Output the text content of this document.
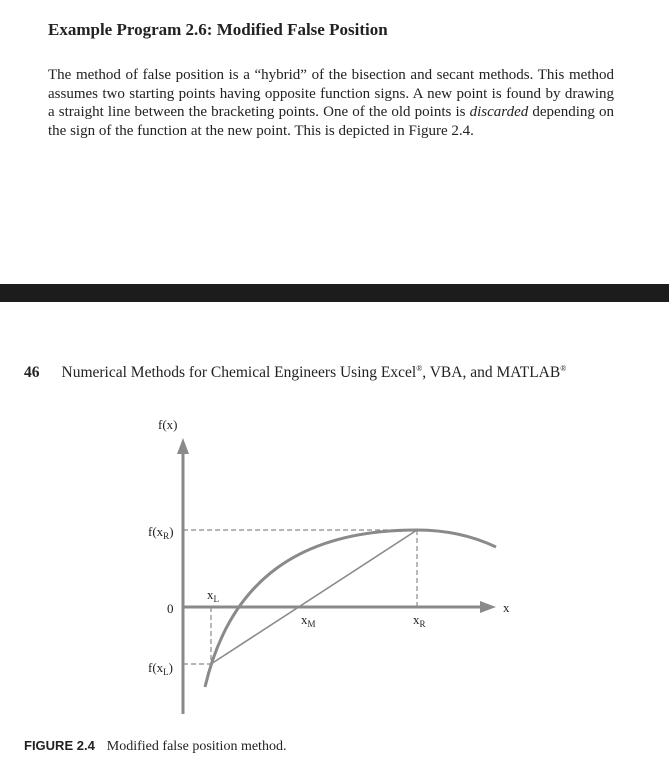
Example Program 2.6: Modified False Position

The method of false position is a “hybrid” of the bisection and secant methods. This method assumes two starting points having opposite function signs. A new point is found by drawing a straight line between the bracketing points. One of the old points is discarded depending on the sign of the function at the new point. This is depicted in Figure 2.4.

46 Numerical Methods for Chemical Engineers Using Excel®, VBA, and MATLAB®
f(x)
x
0
$f(x_R)$
$f(x_L)$
$x_L$
$x_M$	$x_R$

FIGURE 2.4 Modified false position method.
